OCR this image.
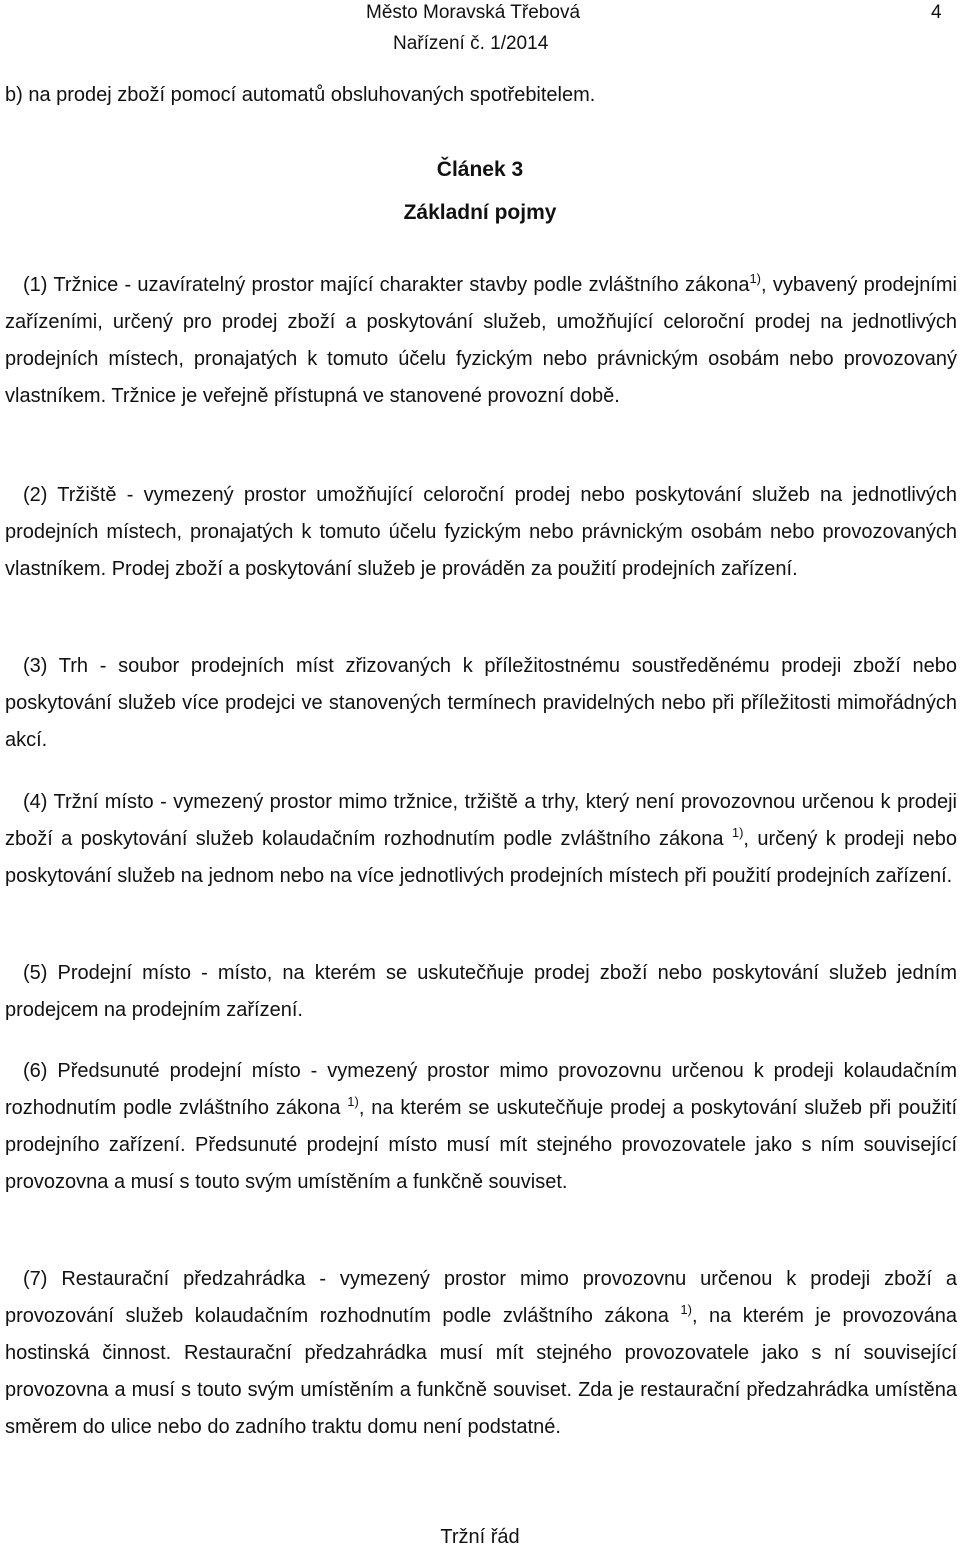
Město Moravská Třebová	4
Nařízení č. 1/2014
b) na prodej zboží pomocí automatů obsluhovaných spotřebitelem.
Článek 3
Základní pojmy

(1) Tržnice - uzavíratelný prostor mající charakter stavby podle zvláštního zákona$^{1)}$, vybavený prodejními zařízeními, určený pro prodej zboží a poskytování služeb, umožňující celoroční prodej na jednotlivých prodejních místech, pronajatých k tomuto účelu fyzickým nebo právnickým osobám nebo provozovaný vlastníkem. Tržnice je veřejně přístupná ve stanovené provozní době.

(2) Tržiště - vymezený prostor umožňující celoroční prodej nebo poskytování služeb na jednotlivých prodejních místech, pronajatých k tomuto účelu fyzickým nebo právnickým osobám nebo provozovaných vlastníkem. Prodej zboží a poskytování služeb je prováděn za použití prodejních zařízení.

(3) Trh - soubor prodejních míst zřizovaných k příležitostnému soustředěnému prodeji zboží nebo poskytování služeb více prodejci ve stanovených termínech pravidelných nebo při příležitosti mimořádných akcí.

(4) Tržní místo - vymezený prostor mimo tržnice, tržiště a trhy, který není provozovnou určenou k prodeji zboží a poskytování služeb kolaudačním rozhodnutím podle zvláštního zákona $^{1)}$, určený k prodeji nebo poskytování služeb na jednom nebo na více jednotlivých prodejních místech při použití prodejních zařízení.

(5) Prodejní místo - místo, na kterém se uskutečňuje prodej zboží nebo poskytování služeb jedním prodejcem na prodejním zařízení.

(6) Předsunuté prodejní místo - vymezený prostor mimo provozovnu určenou k prodeji kolaudačním rozhodnutím podle zvláštního zákona $^{1)}$, na kterém se uskutečňuje prodej a poskytování služeb při použití prodejního zařízení. Předsunuté prodejní místo musí mít stejného provozovatele jako s ním související provozovna a musí s touto svým umístěním a funkčně souviset.

(7) Restaurační předzahrádka - vymezený prostor mimo provozovnu určenou k prodeji zboží a provozování služeb kolaudačním rozhodnutím podle zvláštního zákona $^{1)}$, na kterém je provozována hostinská činnost. Restaurační předzahrádka musí mít stejného provozovatele jako s ní související provozovna a musí s touto svým umístěním a funkčně souviset. Zda je restaurační předzahrádka umístěna směrem do ulice nebo do zadního traktu domu není podstatné.

Tržní řád
